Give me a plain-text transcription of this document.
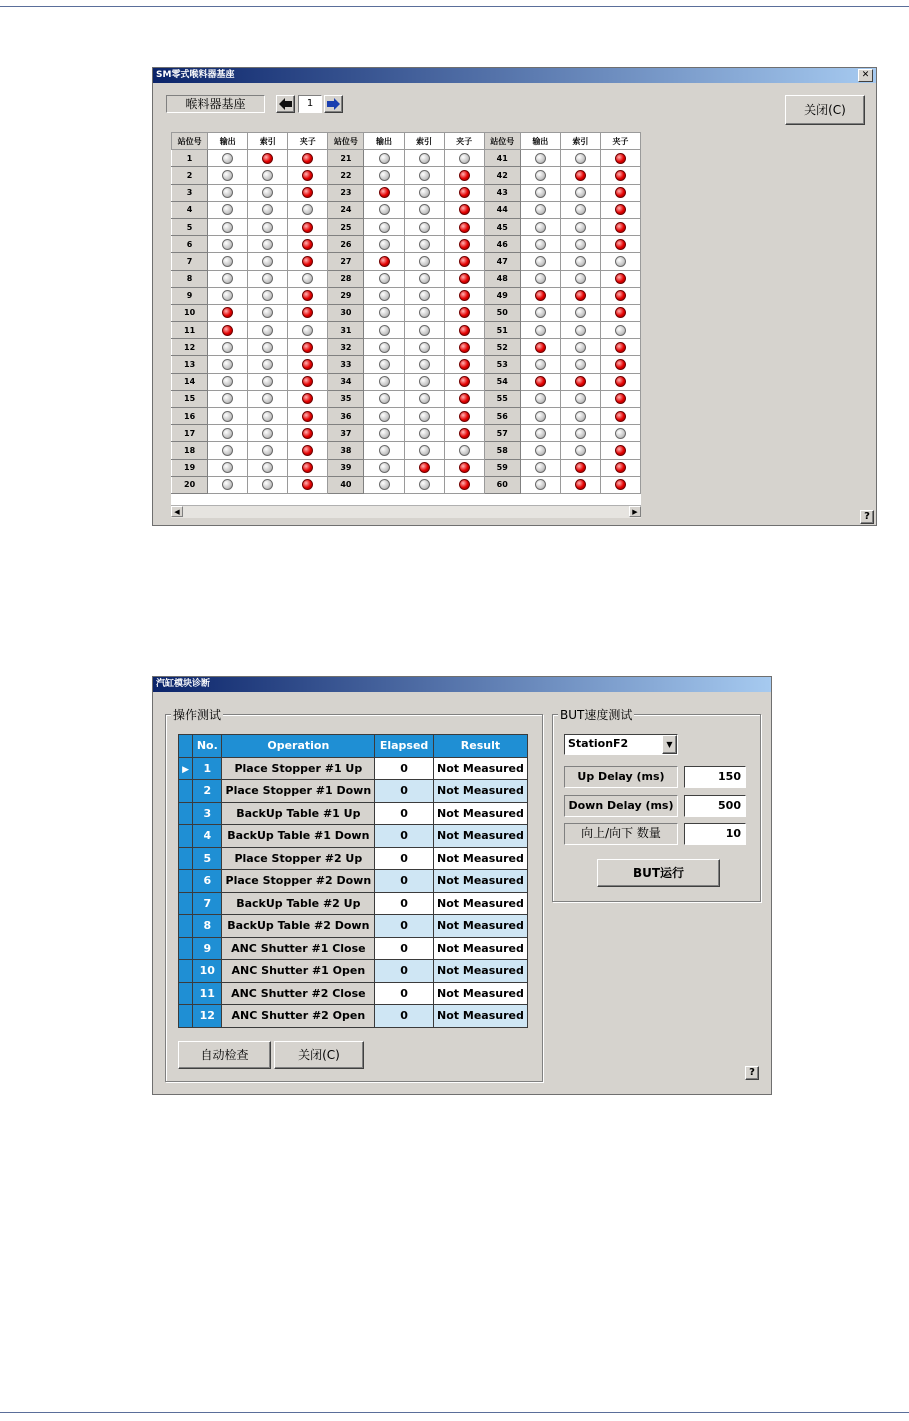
SM零式喉料器基座	✕
喉料器基座	1	关闭(C)
站位号	输出	索引	夹子	站位号	输出	索引	夹子	站位号	输出	索引	夹子
1				21				41			
2				22				42			
3				23				43			
4				24				44			
5				25				45			
6				26				46			
7				27				47			
8				28				48			
9				29				49			
10				30				50			
11				31				51			
12				32				52			
13				33				53			
14				34				54			
15				35				55			
16				36				56			
17				37				57			
18				38				58			
19				39				59			
20				40				60			
◀	▶	?
汽缸模块诊断
操作测试
	No.	Operation	Elapsed	Result
▶	1	Place Stopper #1 Up	0	Not Measured
	2	Place Stopper #1 Down	0	Not Measured
	3	BackUp Table #1 Up	0	Not Measured
	4	BackUp Table #1 Down	0	Not Measured
	5	Place Stopper #2 Up	0	Not Measured
	6	Place Stopper #2 Down	0	Not Measured
	7	BackUp Table #2 Up	0	Not Measured
	8	BackUp Table #2 Down	0	Not Measured
	9	ANC Shutter #1 Close	0	Not Measured
	10	ANC Shutter #1 Open	0	Not Measured
	11	ANC Shutter #2 Close	0	Not Measured
	12	ANC Shutter #2 Open	0	Not Measured
自动检查	关闭(C)
BUT速度测试
StationF2	▼
Up Delay (ms)	150
Down Delay (ms)	500
向上/向下 数量	10
BUT运行
?
